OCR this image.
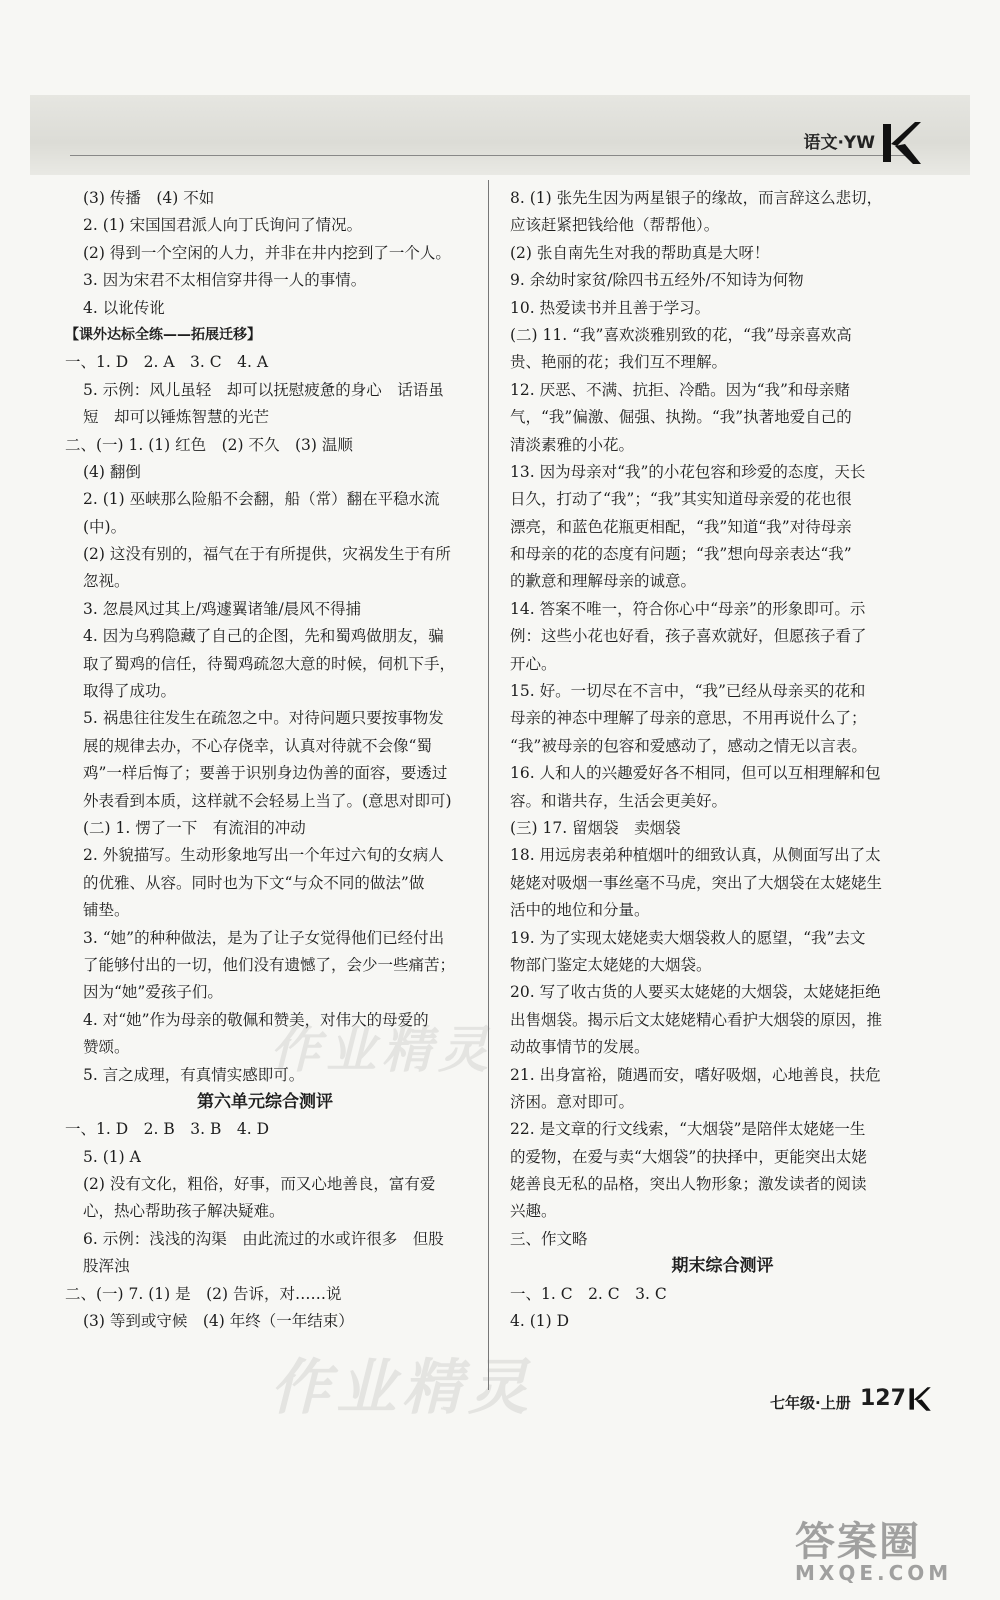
语文·YW
(3) 传播　(4) 不如
2. (1) 宋国国君派人向丁氏询问了情况。
(2) 得到一个空闲的人力，并非在井内挖到了一个人。
3. 因为宋君不太相信穿井得一人的事情。
4. 以讹传讹
【课外达标全练——拓展迁移】
一、1. D　2. A　3. C　4. A
5. 示例：风儿虽轻　却可以抚慰疲惫的身心　话语虽
短　却可以锤炼智慧的光芒
二、(一) 1. (1) 红色　(2) 不久　(3) 温顺
(4) 翻倒
2. (1) 巫峡那么险船不会翻，船（常）翻在平稳水流
(中)。
(2) 这没有别的，福气在于有所提供，灾祸发生于有所
忽视。
3. 忽晨风过其上/鸡遽翼诸雏/晨风不得捕
4. 因为乌鸦隐藏了自己的企图，先和蜀鸡做朋友，骗
取了蜀鸡的信任，待蜀鸡疏忽大意的时候，伺机下手，
取得了成功。
5. 祸患往往发生在疏忽之中。对待问题只要按事物发
展的规律去办，不心存侥幸，认真对待就不会像“蜀
鸡”一样后悔了；要善于识别身边伪善的面容，要透过
外表看到本质，这样就不会轻易上当了。(意思对即可)
(二) 1. 愣了一下　有流泪的冲动
2. 外貌描写。生动形象地写出一个年过六旬的女病人
的优雅、从容。同时也为下文“与众不同的做法”做
铺垫。
3. “她”的种种做法，是为了让子女觉得他们已经付出
了能够付出的一切，他们没有遗憾了，会少一些痛苦；
因为“她”爱孩子们。
4. 对“她”作为母亲的敬佩和赞美，对伟大的母爱的
赞颂。
5. 言之成理，有真情实感即可。
第六单元综合测评
一、1. D　2. B　3. B　4. D
5. (1) A
(2) 没有文化，粗俗，好事，而又心地善良，富有爱
心，热心帮助孩子解决疑难。
6. 示例：浅浅的沟渠　由此流过的水或许很多　但股
股浑浊
二、(一) 7. (1) 是　(2) 告诉，对……说
(3) 等到或守候　(4) 年终（一年结束）
8. (1) 张先生因为两星银子的缘故，而言辞这么悲切，
应该赶紧把钱给他（帮帮他）。
(2) 张自南先生对我的帮助真是大呀！
9. 余幼时家贫/除四书五经外/不知诗为何物
10. 热爱读书并且善于学习。
(二) 11. “我”喜欢淡雅别致的花，“我”母亲喜欢高
贵、艳丽的花；我们互不理解。
12. 厌恶、不满、抗拒、冷酷。因为“我”和母亲赌
气，“我”偏激、倔强、执拗。“我”执著地爱自己的
清淡素雅的小花。
13. 因为母亲对“我”的小花包容和珍爱的态度，天长
日久，打动了“我”；“我”其实知道母亲爱的花也很
漂亮，和蓝色花瓶更相配，“我”知道“我”对待母亲
和母亲的花的态度有问题；“我”想向母亲表达“我”
的歉意和理解母亲的诚意。
14. 答案不唯一，符合你心中“母亲”的形象即可。示
例：这些小花也好看，孩子喜欢就好，但愿孩子看了
开心。
15. 好。一切尽在不言中，“我”已经从母亲买的花和
母亲的神态中理解了母亲的意思，不用再说什么了；
“我”被母亲的包容和爱感动了，感动之情无以言表。
16. 人和人的兴趣爱好各不相同，但可以互相理解和包
容。和谐共存，生活会更美好。
(三) 17. 留烟袋　卖烟袋
18. 用远房表弟种植烟叶的细致认真，从侧面写出了太
姥姥对吸烟一事丝毫不马虎，突出了大烟袋在太姥姥生
活中的地位和分量。
19. 为了实现太姥姥卖大烟袋救人的愿望，“我”去文
物部门鉴定太姥姥的大烟袋。
20. 写了收古货的人要买太姥姥的大烟袋，太姥姥拒绝
出售烟袋。揭示后文太姥姥精心看护大烟袋的原因，推
动故事情节的发展。
21. 出身富裕，随遇而安，嗜好吸烟，心地善良，扶危
济困。意对即可。
22. 是文章的行文线索，“大烟袋”是陪伴太姥姥一生
的爱物，在爱与卖“大烟袋”的抉择中，更能突出太姥
姥善良无私的品格，突出人物形象；激发读者的阅读
兴趣。
三、作文略
期末综合测评
一、1. C　2. C　3. C
4. (1) D
作业精灵
作业精灵	七年级·上册 127
答案圈
MXQE.COM
